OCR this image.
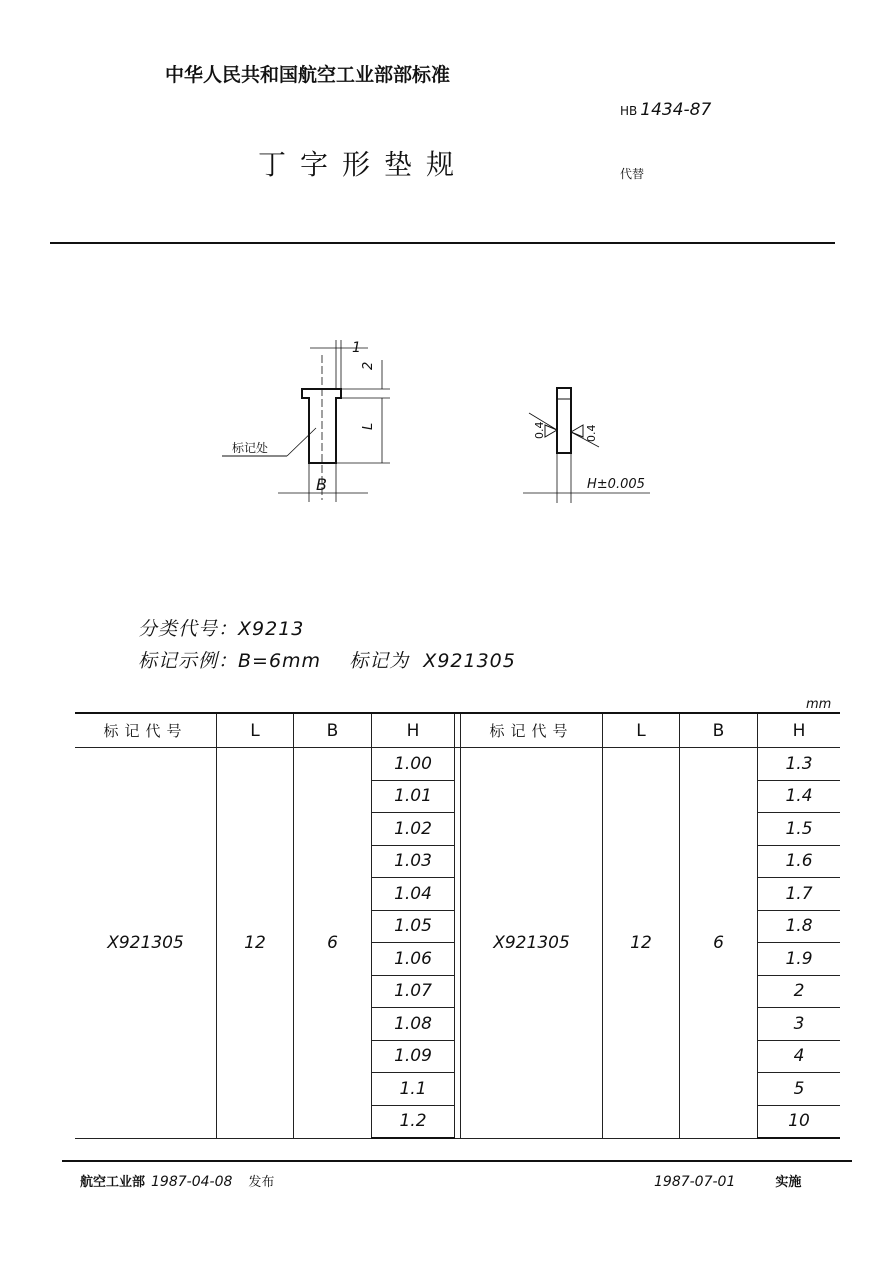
中华人民共和国航空工业部部标准
HB 1434-87
丁字形垫规	代替
1
2
L
B
标记处
0.4	0.4
H±0.005
分类代号：X9213
标记示例：B=6mm    标记为  X921305
mm
标记代号	L	B	H		标记代号	L	B	H
X921305	12	6	1.00		X921305	12	6	1.3
			1.01					1.4
			1.02					1.5
			1.03					1.6
			1.04					1.7
			1.05					1.8
			1.06					1.9
			1.07					2
			1.08					3
			1.09					4
			1.1					5
			1.2					10
航空工业部 1987-04-08 发布	1987-07-01	实施
